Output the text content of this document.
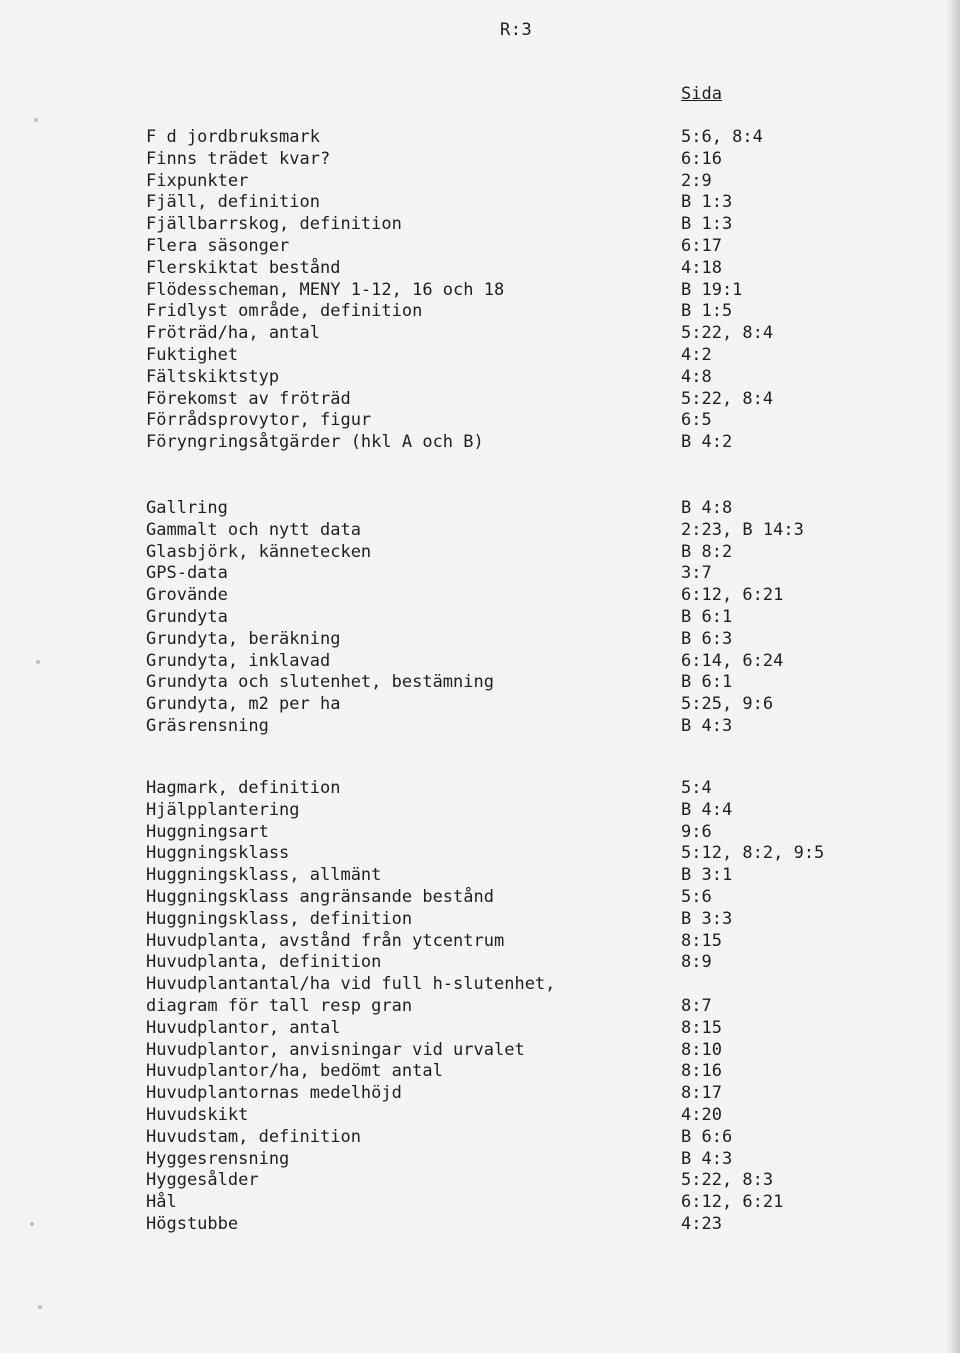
R:3
Sida
F d jordbruksmark	5:6, 8:4
Finns trädet kvar?	6:16
Fixpunkter	2:9
Fjäll, definition	B 1:3
Fjällbarrskog, definition	B 1:3
Flera säsonger	6:17
Flerskiktat bestånd	4:18
Flödesscheman, MENY 1-12, 16 och 18	B 19:1
Fridlyst område, definition	B 1:5
Fröträd/ha, antal	5:22, 8:4
Fuktighet	4:2
Fältskiktstyp	4:8
Förekomst av fröträd	5:22, 8:4
Förrådsprovytor, figur	6:5
Föryngringsåtgärder (hkl A och B)	B 4:2
Gallring	B 4:8
Gammalt och nytt data	2:23, B 14:3
Glasbjörk, kännetecken	B 8:2
GPS-data	3:7
Grovände	6:12, 6:21
Grundyta	B 6:1
Grundyta, beräkning	B 6:3
Grundyta, inklavad	6:14, 6:24
Grundyta och slutenhet, bestämning	B 6:1
Grundyta, m2 per ha	5:25, 9:6
Gräsrensning	B 4:3
Hagmark, definition	5:4
Hjälpplantering	B 4:4
Huggningsart	9:6
Huggningsklass	5:12, 8:2, 9:5
Huggningsklass, allmänt	B 3:1
Huggningsklass angränsande bestånd	5:6
Huggningsklass, definition	B 3:3
Huvudplanta, avstånd från ytcentrum	8:15
Huvudplanta, definition	8:9
Huvudplantantal/ha vid full h-slutenhet,
diagram för tall resp gran	8:7
Huvudplantor, antal	8:15
Huvudplantor, anvisningar vid urvalet	8:10
Huvudplantor/ha, bedömt antal	8:16
Huvudplantornas medelhöjd	8:17
Huvudskikt	4:20
Huvudstam, definition	B 6:6
Hyggesrensning	B 4:3
Hyggesålder	5:22, 8:3
Hål	6:12, 6:21
Högstubbe	4:23
